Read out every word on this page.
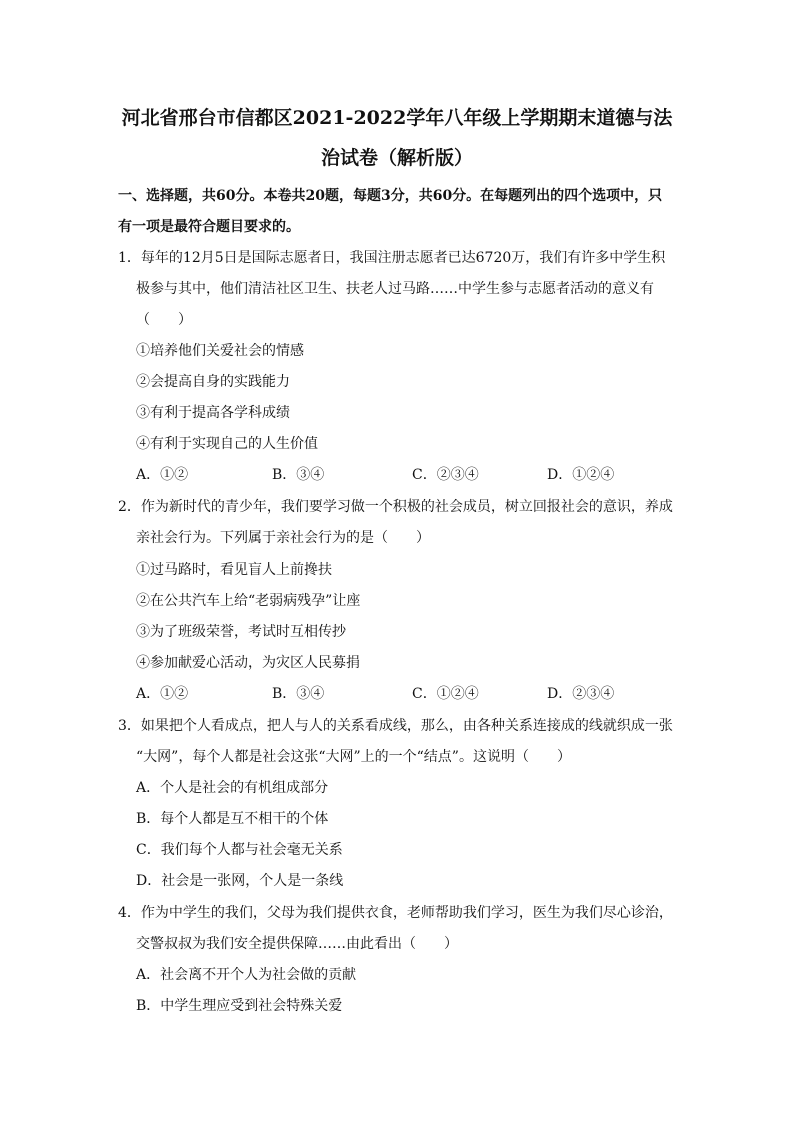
河北省邢台市信都区2021-2022学年八年级上学期期末道德与法
治试卷（解析版）
一、选择题，共60分。本卷共20题，每题3分，共60分。在每题列出的四个选项中，只
有一项是最符合题目要求的。
1．每年的12月5日是国际志愿者日，我国注册志愿者已达6720万，我们有许多中学生积
极参与其中，他们清洁社区卫生、扶老人过马路……中学生参与志愿者活动的意义有
（　　）
①培养他们关爱社会的情感
②会提高自身的实践能力
③有利于提高各学科成绩
④有利于实现自己的人生价值
A．①②	B．③④	C．②③④	D．①②④
2．作为新时代的青少年，我们要学习做一个积极的社会成员，树立回报社会的意识，养成
亲社会行为。下列属于亲社会行为的是（　　）
①过马路时，看见盲人上前搀扶
②在公共汽车上给“老弱病残孕”让座
③为了班级荣誉，考试时互相传抄
④参加献爱心活动，为灾区人民募捐
A．①②	B．③④	C．①②④	D．②③④
3．如果把个人看成点，把人与人的关系看成线，那么，由各种关系连接成的线就织成一张
“大网”，每个人都是社会这张“大网”上的一个“结点”。这说明（　　）
A．个人是社会的有机组成部分
B．每个人都是互不相干的个体
C．我们每个人都与社会毫无关系
D．社会是一张网，个人是一条线
4．作为中学生的我们，父母为我们提供衣食，老师帮助我们学习，医生为我们尽心诊治，
交警叔叔为我们安全提供保障……由此看出（　　）
A．社会离不开个人为社会做的贡献
B．中学生理应受到社会特殊关爱
